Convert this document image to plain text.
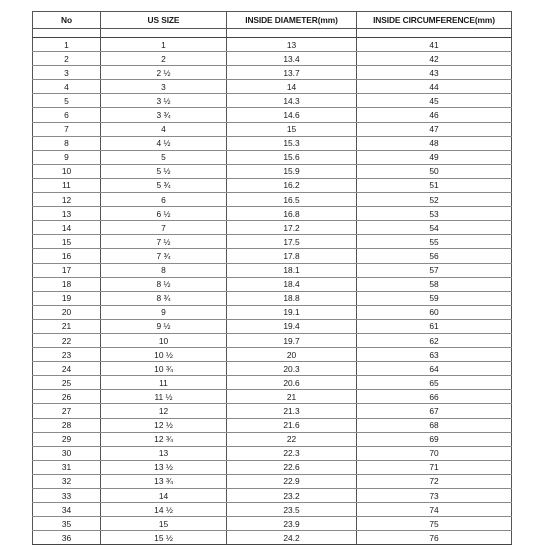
No	US SIZE	INSIDE DIAMETER(mm)	INSIDE CIRCUMFERENCE(mm)

1	1	13	41
2	2	13.4	42
3	2 ½	13.7	43
4	3	14	44
5	3 ½	14.3	45
6	3 ¾	14.6	46
7	4	15	47
8	4 ½	15.3	48
9	5	15.6	49
10	5 ½	15.9	50
11	5 ¾	16.2	51
12	6	16.5	52
13	6 ½	16.8	53
14	7	17.2	54
15	7 ½	17.5	55
16	7 ¾	17.8	56
17	8	18.1	57
18	8 ½	18.4	58
19	8 ¾	18.8	59
20	9	19.1	60
21	9 ½	19.4	61
22	10	19.7	62
23	10 ½	20	63
24	10 ¾	20.3	64
25	11	20.6	65
26	11 ½	21	66
27	12	21.3	67
28	12 ½	21.6	68
29	12 ¾	22	69
30	13	22.3	70
31	13 ½	22.6	71
32	13 ¾	22.9	72
33	14	23.2	73
34	14 ½	23.5	74
35	15	23.9	75
36	15 ½	24.2	76
